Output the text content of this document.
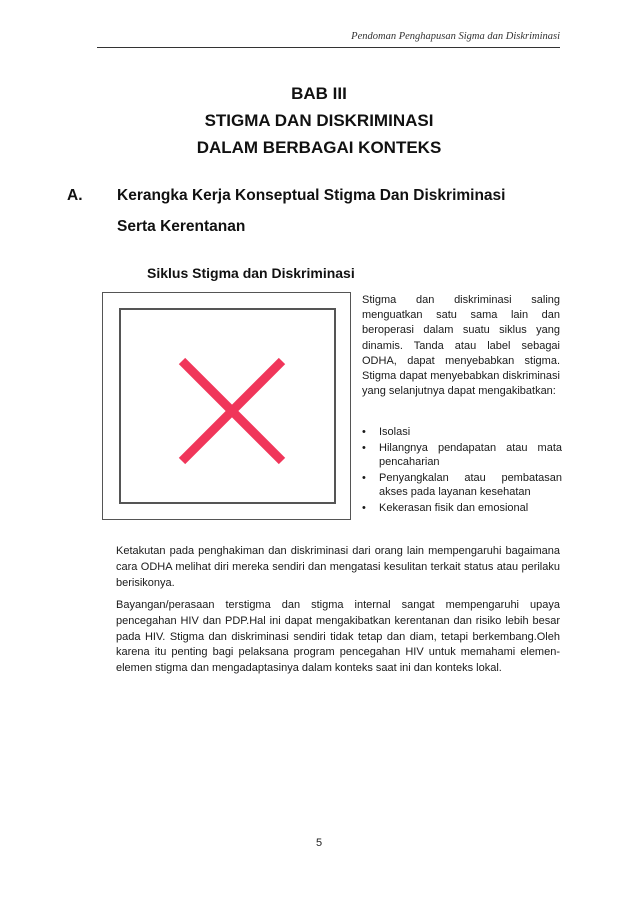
Pendoman Penghapusan Sigma dan Diskriminasi
BAB III
STIGMA DAN DISKRIMINASI
DALAM BERBAGAI KONTEKS
A. Kerangka Kerja Konseptual Stigma Dan Diskriminasi
Serta Kerentanan
Siklus Stigma dan Diskriminasi
Stigma dan diskriminasi saling menguatkan satu sama lain dan beroperasi dalam suatu siklus yang dinamis. Tanda atau label sebagai ODHA, dapat menyebabkan stigma. Stigma dapat menyebabkan diskriminasi yang selanjutnya dapat mengakibatkan:
• Isolasi
• Hilangnya pendapatan atau mata pencaharian
• Penyangkalan atau pembatasan akses pada layanan kesehatan
• Kekerasan fisik dan emosional
Ketakutan pada penghakiman dan diskriminasi dari orang lain mempengaruhi bagaimana cara ODHA melihat diri mereka sendiri dan mengatasi kesulitan terkait status atau perilaku berisikonya.
Bayangan/perasaan terstigma dan stigma internal sangat mempengaruhi upaya pencegahan HIV dan PDP.Hal ini dapat mengakibatkan kerentanan dan risiko lebih besar pada HIV. Stigma dan diskriminasi sendiri tidak tetap dan diam, tetapi berkembang.Oleh karena itu penting bagi pelaksana program pencegahan HIV untuk memahami elemen-elemen stigma dan mengadaptasinya dalam konteks saat ini dan konteks lokal.
5
